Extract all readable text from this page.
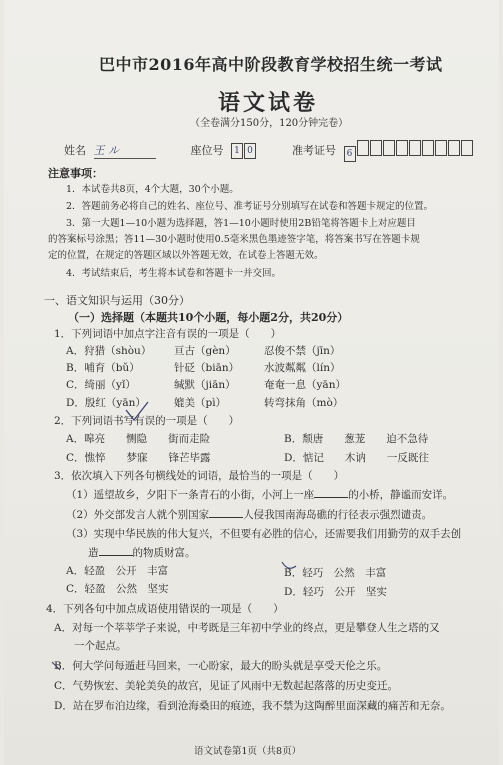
巴中市2016年高中阶段教育学校招生统一考试
语文试卷
（全卷满分150分，120分钟完卷）
姓名 王 ル	座位号 1 0	准考证号 6
注意事项：
1．本试卷共8页，4个大题，30个小题。
2．答题前务必将自己的姓名、座位号、准考证号分别填写在试卷和答题卡规定的位置。
3．第一大题1—10小题为选择题，答1—10小题时使用2B铅笔将答题卡上对应题目
的答案标号涂黑；答11—30小题时使用0.5毫米黑色墨迹签字笔，将答案书写在答题卡规
定的位置，在规定的答题区域以外答题无效，在试卷上答题无效。
4．考试结束后，考生将本试卷和答题卡一并交回。
一、语文知识与运用（30分）
（一）选择题（本题共10个小题，每小题2分，共20分）
1．下列词语中加点字注音有误的一项是（　　）
A．狩猎（shòu） 亘古（gèn）	忍俊不禁（jīn）
B．哺育（bǔ）	针砭（biān） 水波粼粼（lín）
C．绮丽（yǐ）	缄默（jiān）	奄奄一息（yān）
D．殷红（yān）	媲美（pì）	转弯抹角（mò）
2．下列词语书写有误的一项是（　　）
A．嗥亮　　恻隐　　街而走险	B．颓唐　　葱茏　　迫不急待
C．憔悴　　梦寐　　锋芒毕露	D．惦记　　木讷　　一反既往
3．依次填入下列各句横线处的词语，最恰当的一项是（　　）
（1）遥望故乡，夕阳下一条青石的小街，小河上一座	的小桥，静谧而安详。
（2）外交部发言人就个别国家	人侵我国南海岛礁的行径表示强烈谴责。
（3）实现中华民族的伟大复兴，不但要有必胜的信心，还需要我们用勤劳的双手去创
造	的物质财富。
A．轻盈　公开　丰富	B．轻巧　公然　丰富
C．轻盈　公然　坚实	D．轻巧　公开　坚实
4．下列各句中加点成语使用错误的一项是（　　）
A．对每一个莘莘学子来说，中考既是三年初中学业的终点，更是攀登人生之塔的又
一个起点。
B．何大学问每遁赶马回来，一心盼家，最大的盼头就是享受天伦之乐。
C．气势恢宏、美轮美奂的故宫，见证了风雨中无数起起落落的历史变迁。
D．站在罗布泊边缘，看到沧海桑田的痕迹，我不禁为这陶醉里面深藏的痛苦和无奈。
语文试卷第1页（共8页）
